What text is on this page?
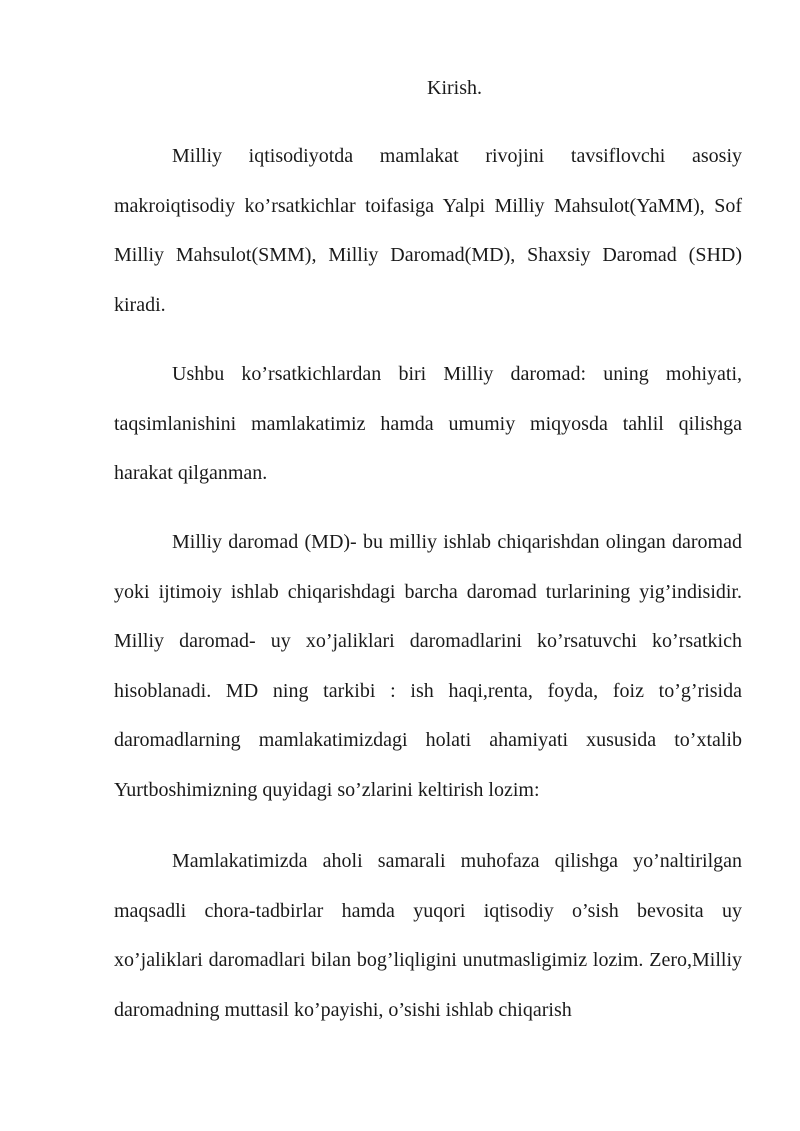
Kirish.

Milliy iqtisodiyotda mamlakat rivojini tavsiflovchi asosiy makroiqtisodiy ko’rsatkichlar toifasiga Yalpi Milliy Mahsulot(YaMM), Sof Milliy Mahsulot(SMM), Milliy Daromad(MD), Shaxsiy Daromad (SHD) kiradi.

Ushbu ko’rsatkichlardan biri Milliy daromad: uning mohiyati, taqsimlanishini mamlakatimiz hamda umumiy miqyosda tahlil qilishga harakat qilganman.

Milliy daromad (MD)- bu milliy ishlab chiqarishdan olingan daromad yoki ijtimoiy ishlab chiqarishdagi barcha daromad turlarining yig’indisidir. Milliy daromad- uy xo’jaliklari daromadlarini ko’rsatuvchi ko’rsatkich hisoblanadi. MD ning tarkibi : ish haqi,renta, foyda, foiz to’g’risida daromadlarning mamlakatimizdagi holati ahamiyati xususida to’xtalib Yurtboshimizning quyidagi so’zlarini keltirish lozim:

Mamlakatimizda aholi samarali muhofaza qilishga yo’naltirilgan maqsadli chora-tadbirlar hamda yuqori iqtisodiy o’sish bevosita uy xo’jaliklari daromadlari bilan bog’liqligini unutmasligimiz lozim. Zero,Milliy daromadning muttasil ko’payishi, o’sishi ishlab chiqarish
